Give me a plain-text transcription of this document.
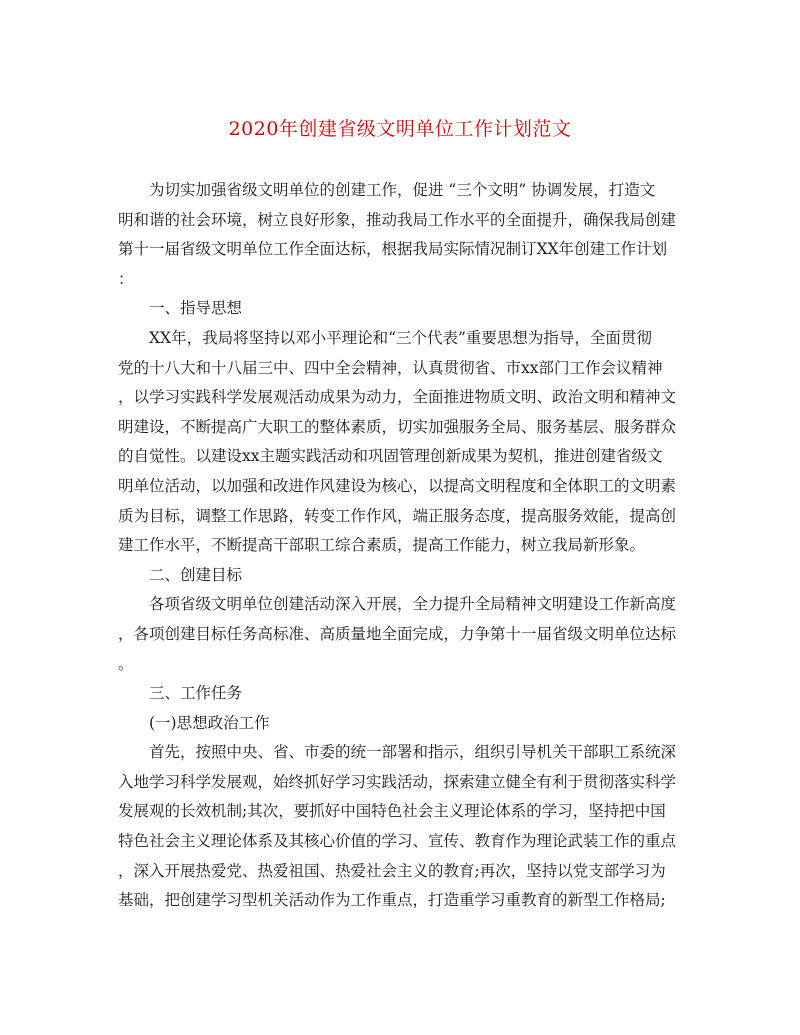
2020年创建省级文明单位工作计划范文
为切实加强省级文明单位的创建工作，促进 “三个文明” 协调发展，打造文
明和谐的社会环境，树立良好形象，推动我局工作水平的全面提升，确保我局创建
第十一届省级文明单位工作全面达标，根据我局实际情况制订XX年创建工作计划
：
一、指导思想
XX年，我局将坚持以邓小平理论和“三个代表”重要思想为指导，全面贯彻
党的十八大和十八届三中、四中全会精神，认真贯彻省、市xx部门工作会议精神
，以学习实践科学发展观活动成果为动力，全面推进物质文明、政治文明和精神文
明建设，不断提高广大职工的整体素质，切实加强服务全局、服务基层、服务群众
的自觉性。以建设xx主题实践活动和巩固管理创新成果为契机，推进创建省级文
明单位活动，以加强和改进作风建设为核心，以提高文明程度和全体职工的文明素
质为目标，调整工作思路，转变工作作风，端正服务态度，提高服务效能，提高创
建工作水平，不断提高干部职工综合素质，提高工作能力，树立我局新形象。
二、创建目标
各项省级文明单位创建活动深入开展，全力提升全局精神文明建设工作新高度
，各项创建目标任务高标准、高质量地全面完成，力争第十一届省级文明单位达标
。
三、工作任务
(一)思想政治工作
首先，按照中央、省、市委的统一部署和指示，组织引导机关干部职工系统深
入地学习科学发展观，始终抓好学习实践活动，探索建立健全有利于贯彻落实科学
发展观的长效机制;其次，要抓好中国特色社会主义理论体系的学习，坚持把中国
特色社会主义理论体系及其核心价值的学习、宣传、教育作为理论武装工作的重点
，深入开展热爱党、热爱祖国、热爱社会主义的教育;再次，坚持以党支部学习为
基础，把创建学习型机关活动作为工作重点，打造重学习重教育的新型工作格局;
